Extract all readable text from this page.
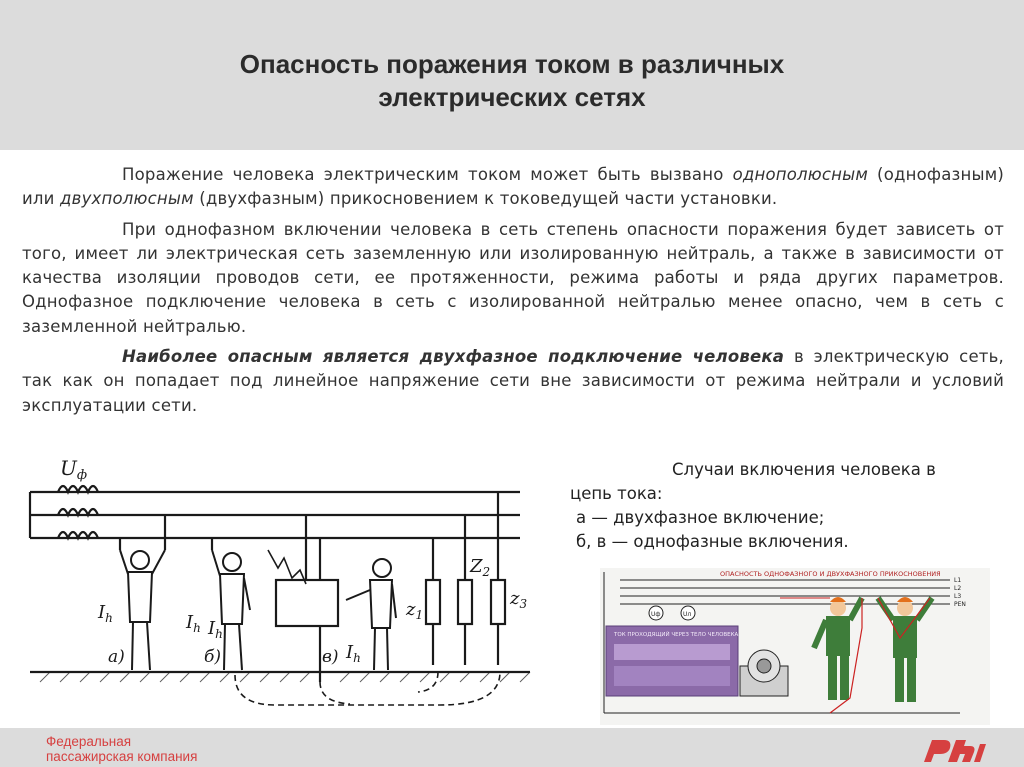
Опасность поражения током в различных
электрических сетях

Поражение человека электрическим током может быть вызвано однополюсным (однофазным) или двухполюсным (двухфазным) прикосновением к токоведущей части установки.

При однофазном включении человека в сеть степень опасности поражения будет зависеть от того, имеет ли электрическая сеть заземленную или изолированную нейтраль, а также в зависимости от качества изоляции проводов сети, ее протяженности, режима работы и ряда других параметров. Однофазное подключение человека в сеть с изолированной нейтралью менее опасно, чем в сеть с заземленной нейтралью.

Наиболее опасным является двухфазное подключение человека в электрическую сеть, так как он попадает под линейное напряжение сети вне зависимости от режима нейтрали и условий эксплуатации сети.

$U_ф$
$I_h$	$I_h$ $I_h$
$I_h$
а)	б)	в)
$z_1$
$Z_2$
$z_3$
Случаи включения человека в
цепь тока:
а — двухфазное включение;
б, в — однофазные включения.
ОПАСНОСТЬ ОДНОФАЗНОГО И ДВУХФАЗНОГО ПРИКОСНОВЕНИЯ
L1
L2
L3
PEN
Uф	Uл
ТОК ПРОХОДЯЩИЙ ЧЕРЕЗ ТЕЛО ЧЕЛОВЕКА
Федеральная
пассажирская компания
